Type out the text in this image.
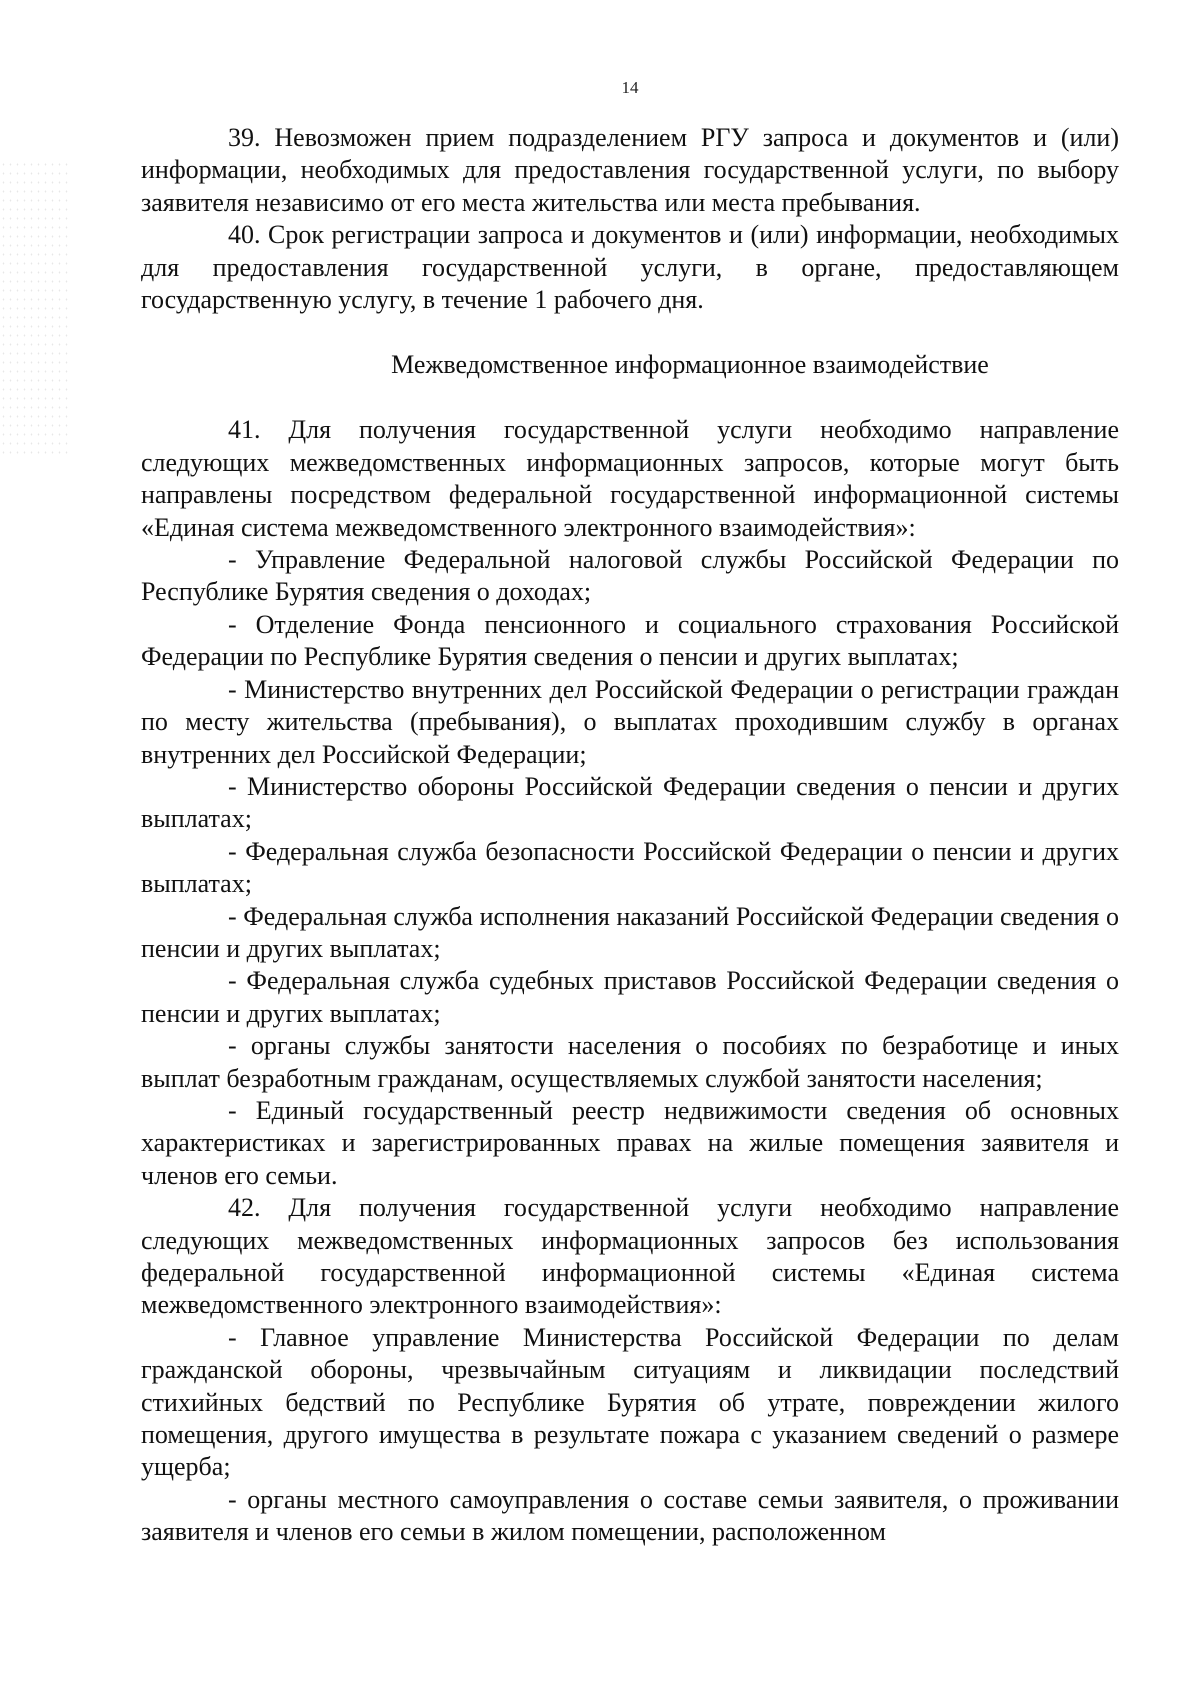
14

39. Невозможен прием подразделением РГУ запроса и документов и (или) информации, необходимых для предоставления государственной услуги, по выбору заявителя независимо от его места жительства или места пребывания.

40. Срок регистрации запроса и документов и (или) информации, необходимых для предоставления государственной услуги, в органе, предоставляющем государственную услугу, в течение 1 рабочего дня.

Межведомственное информационное взаимодействие

41. Для получения государственной услуги необходимо направление следующих межведомственных информационных запросов, которые могут быть направлены посредством федеральной государственной информационной системы «Единая система межведомственного электронного взаимодействия»:

- Управление Федеральной налоговой службы Российской Федерации по Республике Бурятия сведения о доходах;

- Отделение Фонда пенсионного и социального страхования Российской Федерации по Республике Бурятия сведения о пенсии и других выплатах;

- Министерство внутренних дел Российской Федерации о регистрации граждан по месту жительства (пребывания), о выплатах проходившим службу в органах внутренних дел Российской Федерации;

- Министерство обороны Российской Федерации сведения о пенсии и других выплатах;

- Федеральная служба безопасности Российской Федерации о пенсии и других выплатах;

- Федеральная служба исполнения наказаний Российской Федерации сведения о пенсии и других выплатах;

- Федеральная служба судебных приставов Российской Федерации сведения о пенсии и других выплатах;

- органы службы занятости населения о пособиях по безработице и иных выплат безработным гражданам, осуществляемых службой занятости населения;

- Единый государственный реестр недвижимости сведения об основных характеристиках и зарегистрированных правах на жилые помещения заявителя и членов его семьи.

42. Для получения государственной услуги необходимо направление следующих межведомственных информационных запросов без использования федеральной государственной информационной системы «Единая система межведомственного электронного взаимодействия»:

- Главное управление Министерства Российской Федерации по делам гражданской обороны, чрезвычайным ситуациям и ликвидации последствий стихийных бедствий по Республике Бурятия об утрате, повреждении жилого помещения, другого имущества в результате пожара с указанием сведений о размере ущерба;

- органы местного самоуправления о составе семьи заявителя, о проживании заявителя и членов его семьи в жилом помещении, расположенном
